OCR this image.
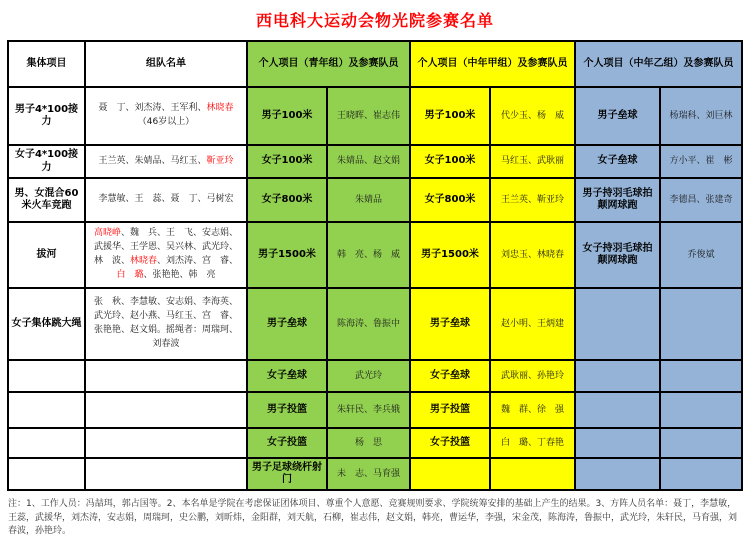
西电科大运动会物光院参赛名单
集体项目	组队名单	个人项目（青年组）及参赛队员		个人项目（中年甲组）及参赛队员		个人项目（中年乙组）及参赛队员	
男子4*100接力	聂　丁、刘杰涛、王军利、林晓春（46岁以上）	男子100米	王晓晖、崔志伟	男子100米	代少玉、杨　威	男子垒球	杨瑞科、刘巨林
女子4*100接力	王兰英、朱婧品、马红玉、靳亚玲	女子100米	朱婧品、赵文娟	女子100米	马红玉、武耿丽	女子垒球	方小平、崔　彬
男、女混合60米火车竞跑	李慧敏、王　蕊、聂　丁、弓树宏	女子800米	朱婧品	女子800米	王兰英、靳亚玲	男子持羽毛球拍颠网球跑	李德昌、张建奇
拔河	高晓峥、魏　兵、王　飞、安志娟、武援华、王学恩、吴兴林、武光玲、林　波、林晓春、刘杰涛、宫　睿、白　璐、张艳艳、韩　亮	男子1500米	韩　亮、杨　威	男子1500米	刘忠玉、林晓春	女子持羽毛球拍颠网球跑	乔俊斌
女子集体跳大绳	张　秋、李慧敏、安志娟、李海英、武光玲、赵小燕、马红玉、宫　睿、张艳艳、赵文娟。摇绳者：周瑞珂、刘春波	男子垒球	陈海涛、鲁振中	男子垒球	赵小明、王炳建		
		女子垒球	武光玲	女子垒球	武耿丽、孙艳玲		
		男子投篮	朱轩民、李兵娥	男子投篮	魏　群、徐　强		
		女子投篮	杨　思	女子投篮	白　璐、丁春艳		
		男子足球绕杆射门	未　志、马育强				
注：1、工作人员：冯喆珥，郭占国等。2、本名单是学院在考虑保证团体项目、尊重个人意愿、竞赛规则要求、学院统筹安排的基础上产生的结果。3、方阵人员名单：聂丁，李慧敏，王蕊，武援华，刘杰涛，安志娟，周瑞珂，史公鹏，刘昕炜，金阳群，刘天航，石柳，崔志伟，赵文娟，韩亮，曹运华，李强，宋金茂，陈海涛，鲁振中，武光玲，朱轩民，马育强，刘春波，孙艳玲。
